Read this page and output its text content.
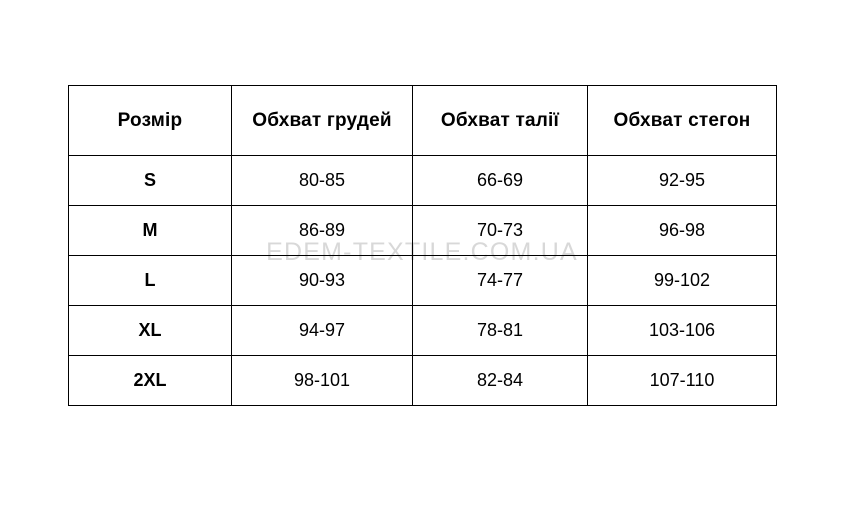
EDEM-TEXTILE.COM.UA
Розмір	Обхват грудей	Обхват талії	Обхват стегон
S	80-85	66-69	92-95
M	86-89	70-73	96-98
L	90-93	74-77	99-102
XL	94-97	78-81	103-106
2XL	98-101	82-84	107-110
